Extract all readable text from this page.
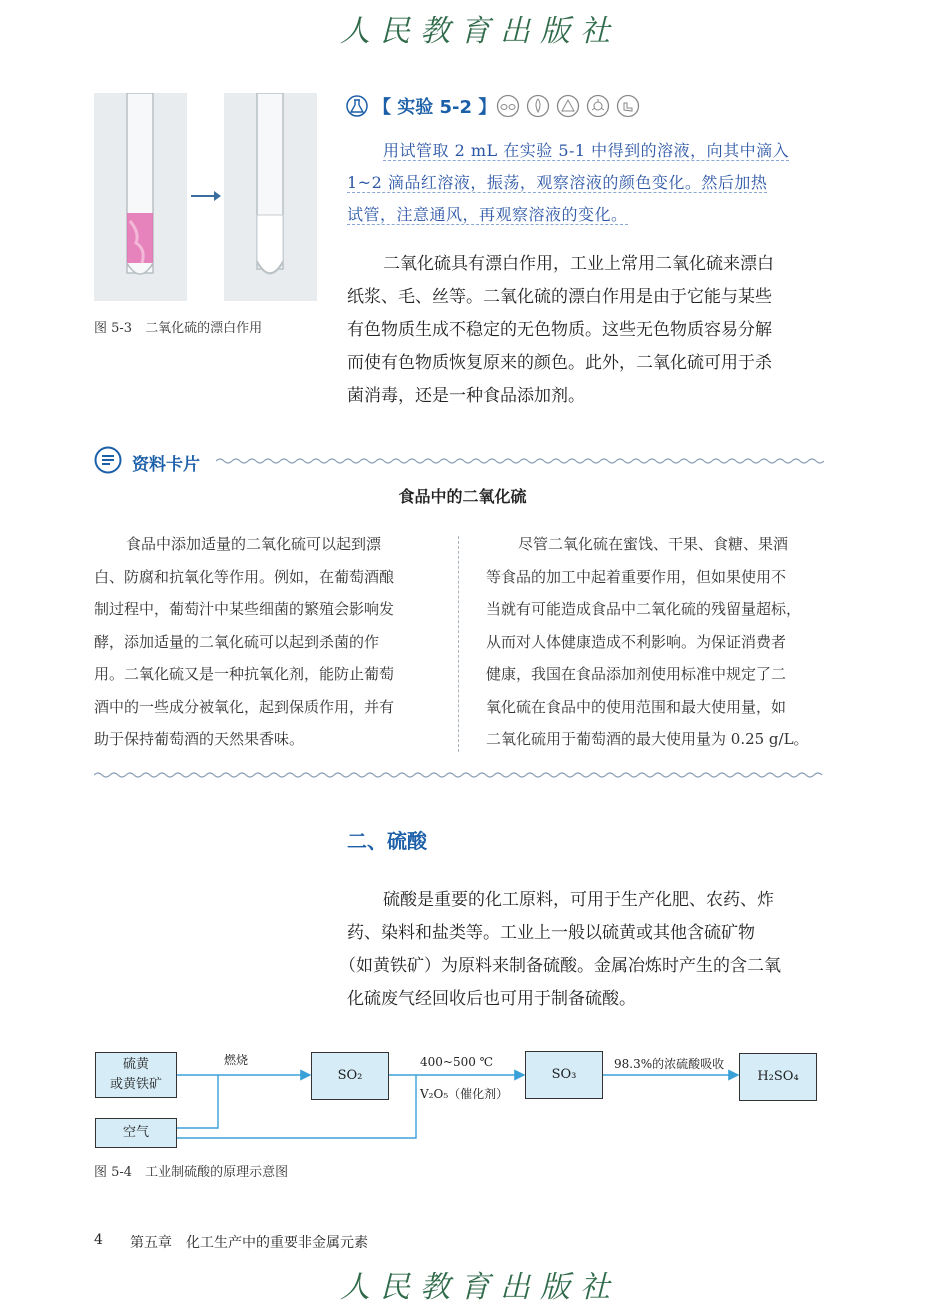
人民教育出版社
图 5-3　二氧化硫的漂白作用
【 实验 5-2 】
用试管取 2 mL 在实验 5-1 中得到的溶液，向其中滴入
1~2 滴品红溶液，振荡，观察溶液的颜色变化。然后加热
试管，注意通风，再观察溶液的变化。
二氧化硫具有漂白作用，工业上常用二氧化硫来漂白
纸浆、毛、丝等。二氧化硫的漂白作用是由于它能与某些
有色物质生成不稳定的无色物质。这些无色物质容易分解
而使有色物质恢复原来的颜色。此外，二氧化硫可用于杀
菌消毒，还是一种食品添加剂。
资料卡片
食品中的二氧化硫
食品中添加适量的二氧化硫可以起到漂
白、防腐和抗氧化等作用。例如，在葡萄酒酿
制过程中，葡萄汁中某些细菌的繁殖会影响发
酵，添加适量的二氧化硫可以起到杀菌的作
用。二氧化硫又是一种抗氧化剂，能防止葡萄
酒中的一些成分被氧化，起到保质作用，并有
助于保持葡萄酒的天然果香味。
尽管二氧化硫在蜜饯、干果、食糖、果酒
等食品的加工中起着重要作用，但如果使用不
当就有可能造成食品中二氧化硫的残留量超标，
从而对人体健康造成不利影响。为保证消费者
健康，我国在食品添加剂使用标准中规定了二
氧化硫在食品中的使用范围和最大使用量，如
二氧化硫用于葡萄酒的最大使用量为 0.25 g/L。
二、硫酸
硫酸是重要的化工原料，可用于生产化肥、农药、炸
药、染料和盐类等。工业上一般以硫黄或其他含硫矿物
（如黄铁矿）为原料来制备硫酸。金属冶炼时产生的含二氧
化硫废气经回收后也可用于制备硫酸。
硫黄
或黄铁矿
空气
SO₂	SO₃	H₂SO₄
燃烧	400~500 ℃
V₂O₅（催化剂）
98.3%的浓硫酸吸收
图 5-4　工业制硫酸的原理示意图
4 第五章　化工生产中的重要非金属元素
人民教育出版社
